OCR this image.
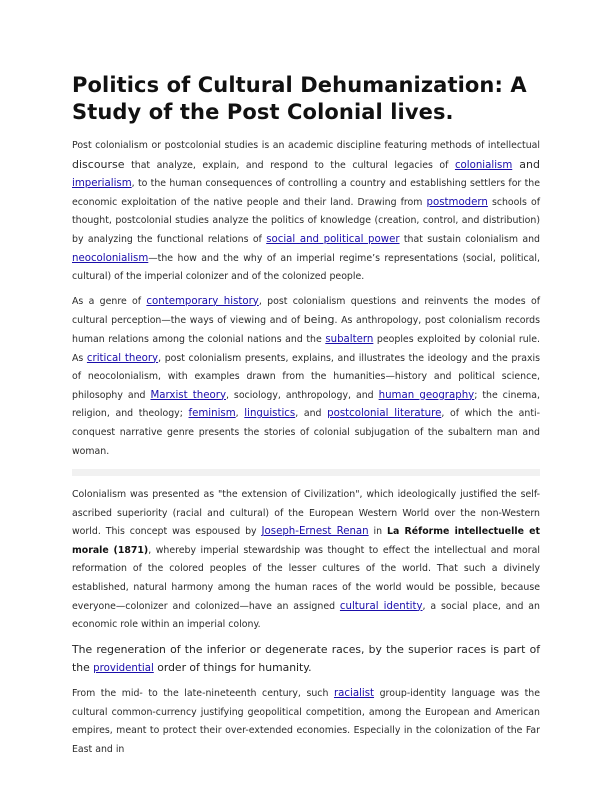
Politics of Cultural Dehumanization: A Study of the Post Colonial lives.

Post colonialism or postcolonial studies is an academic discipline featuring methods of intellectual discourse that analyze, explain, and respond to the cultural legacies of colonialism and imperialism, to the human consequences of controlling a country and establishing settlers for the economic exploitation of the native people and their land. Drawing from postmodern schools of thought, postcolonial studies analyze the politics of knowledge (creation, control, and distribution) by analyzing the functional relations of social and political power that sustain colonialism and neocolonialism—the how and the why of an imperial regime’s representations (social, political, cultural) of the imperial colonizer and of the colonized people.

As a genre of contemporary history, post colonialism questions and reinvents the modes of cultural perception—the ways of viewing and of being. As anthropology, post colonialism records human relations among the colonial nations and the subaltern peoples exploited by colonial rule. As critical theory, post colonialism presents, explains, and illustrates the ideology and the praxis of neocolonialism, with examples drawn from the humanities—history and political science, philosophy and Marxist theory, sociology, anthropology, and human geography; the cinema, religion, and theology; feminism, linguistics, and postcolonial literature, of which the anti-conquest narrative genre presents the stories of colonial subjugation of the subaltern man and woman.

Colonialism was presented as "the extension of Civilization", which ideologically justified the self-ascribed superiority (racial and cultural) of the European Western World over the non-Western world. This concept was espoused by Joseph-Ernest Renan in La Réforme intellectuelle et morale (1871), whereby imperial stewardship was thought to effect the intellectual and moral reformation of the colored peoples of the lesser cultures of the world. That such a divinely established, natural harmony among the human races of the world would be possible, because everyone—colonizer and colonized—have an assigned cultural identity, a social place, and an economic role within an imperial colony.

The regeneration of the inferior or degenerate races, by the superior races is part of the providential order of things for humanity.

From the mid- to the late-nineteenth century, such racialist group-identity language was the cultural common-currency justifying geopolitical competition, among the European and American empires, meant to protect their over-extended economies. Especially in the colonization of the Far East and in
